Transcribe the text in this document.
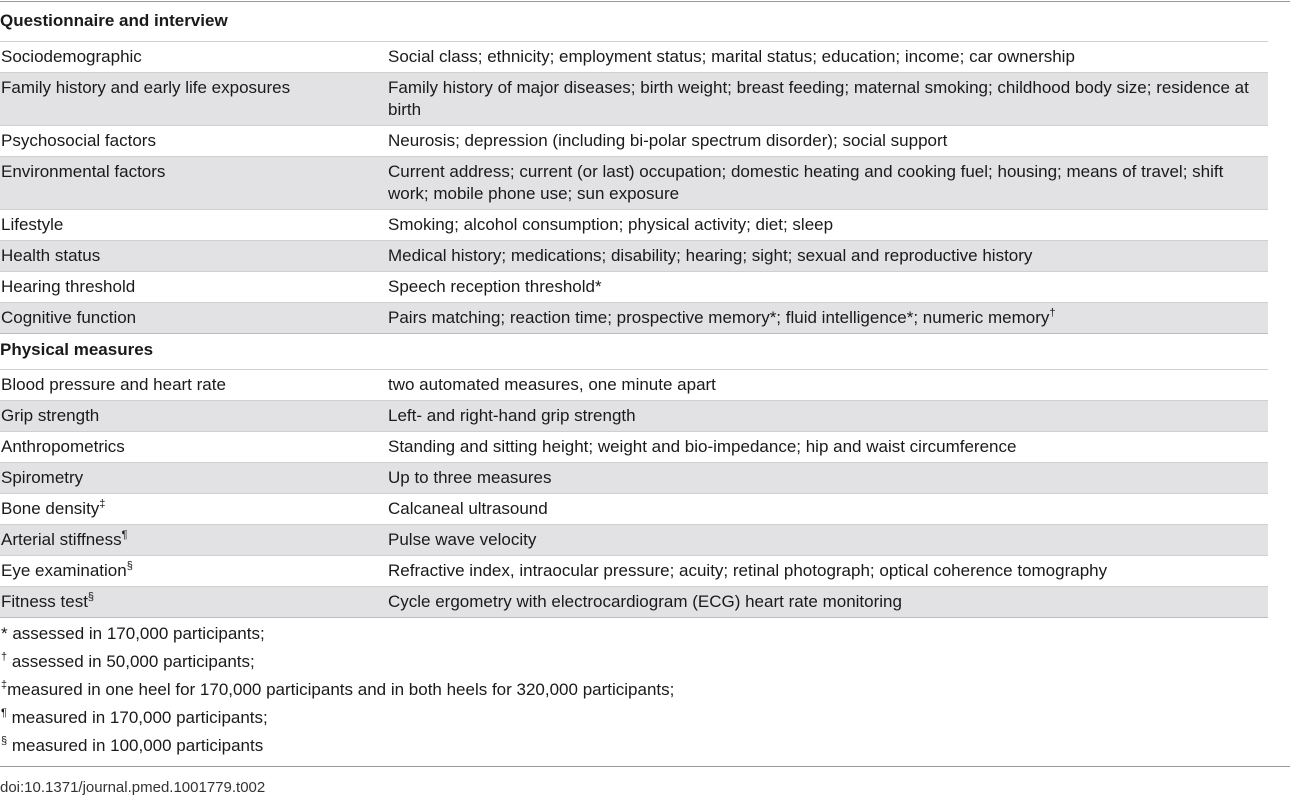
Questionnaire and interview
Sociodemographic	Social class; ethnicity; employment status; marital status; education; income; car ownership
Family history and early life exposures	Family history of major diseases; birth weight; breast feeding; maternal smoking; childhood body size; residence at birth
Psychosocial factors	Neurosis; depression (including bi-polar spectrum disorder); social support
Environmental factors	Current address; current (or last) occupation; domestic heating and cooking fuel; housing; means of travel; shift work; mobile phone use; sun exposure
Lifestyle	Smoking; alcohol consumption; physical activity; diet; sleep
Health status	Medical history; medications; disability; hearing; sight; sexual and reproductive history
Hearing threshold	Speech reception threshold*
Cognitive function	Pairs matching; reaction time; prospective memory*; fluid intelligence*; numeric memory†
Physical measures
Blood pressure and heart rate	two automated measures, one minute apart
Grip strength	Left- and right-hand grip strength
Anthropometrics	Standing and sitting height; weight and bio-impedance; hip and waist circumference
Spirometry	Up to three measures
Bone density‡	Calcaneal ultrasound
Arterial stiffness¶	Pulse wave velocity
Eye examination§	Refractive index, intraocular pressure; acuity; retinal photograph; optical coherence tomography
Fitness test§	Cycle ergometry with electrocardiogram (ECG) heart rate monitoring
* assessed in 170,000 participants;
† assessed in 50,000 participants;
‡measured in one heel for 170,000 participants and in both heels for 320,000 participants;
¶ measured in 170,000 participants;
§ measured in 100,000 participants
doi:10.1371/journal.pmed.1001779.t002
